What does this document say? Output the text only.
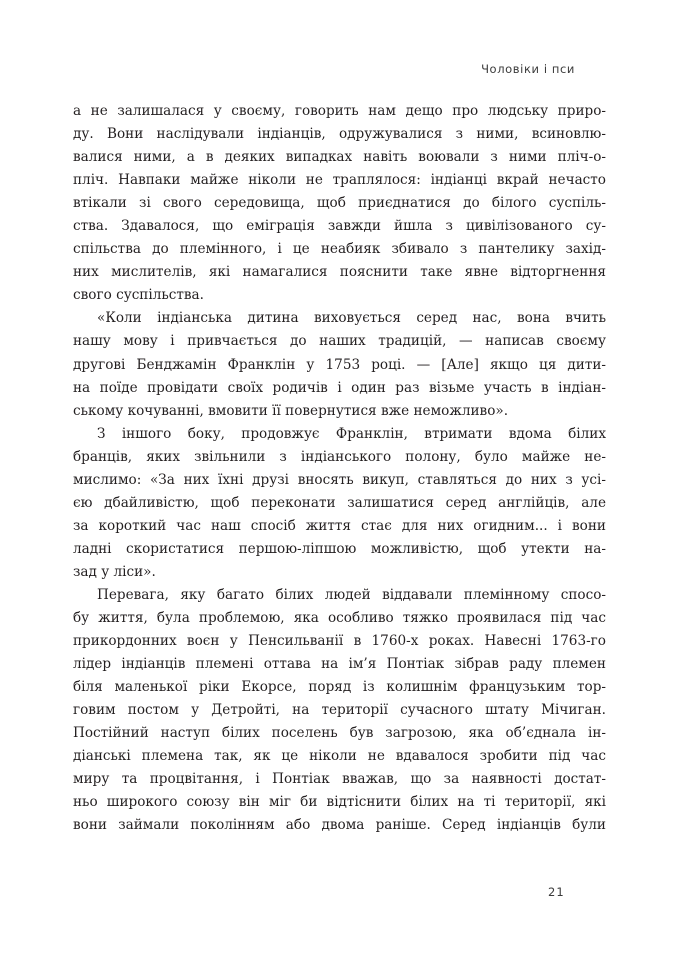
Чоловіки і пси
а не залишалася у своєму, говорить нам дещо про людську приро-
ду. Вони наслідували індіанців, одружувалися з ними, всиновлю-
валися ними, а в деяких випадках навіть воювали з ними пліч-о-
пліч. Навпаки майже ніколи не траплялося: індіанці вкрай нечасто
втікали зі свого середовища, щоб приєднатися до білого суспіль-
ства. Здавалося, що еміграція завжди йшла з цивілізованого су-
спільства до племінного, і це неабияк збивало з пантелику захід-
них мислителів, які намагалися пояснити таке явне відторгнення
свого суспільства.
«Коли індіанська дитина виховується серед нас, вона вчить
нашу мову і привчається до наших традицій, — написав своєму
другові Бенджамін Франклін у 1753 році. — [Але] якщо ця дити-
на поїде провідати своїх родичів і один раз візьме участь в індіан-
ському кочуванні, вмовити її повернутися вже неможливо».
З іншого боку, продовжує Франклін, втримати вдома білих
бранців, яких звільнили з індіанського полону, було майже не-
мислимо: «За них їхні друзі вносять викуп, ставляться до них з усі-
єю дбайливістю, щоб переконати залишатися серед англійців, але
за короткий час наш спосіб життя стає для них огидним... і вони
ладні скористатися першою-ліпшою можливістю, щоб утекти на-
зад у ліси».
Перевага, яку багато білих людей віддавали племінному спосо-
бу життя, була проблемою, яка особливо тяжко проявилася під час
прикордонних воєн у Пенсильванії в 1760-х роках. Навесні 1763-го
лідер індіанців племені оттава на ім’я Понтіак зібрав раду племен
біля маленької ріки Екорсе, поряд із колишнім французьким тор-
говим постом у Детройті, на території сучасного штату Мічиган.
Постійний наступ білих поселень був загрозою, яка об’єднала ін-
діанські племена так, як це ніколи не вдавалося зробити під час
миру та процвітання, і Понтіак вважав, що за наявності достат-
ньо широкого союзу він міг би відтіснити білих на ті території, які
вони займали поколінням або двома раніше. Серед індіанців були
21
